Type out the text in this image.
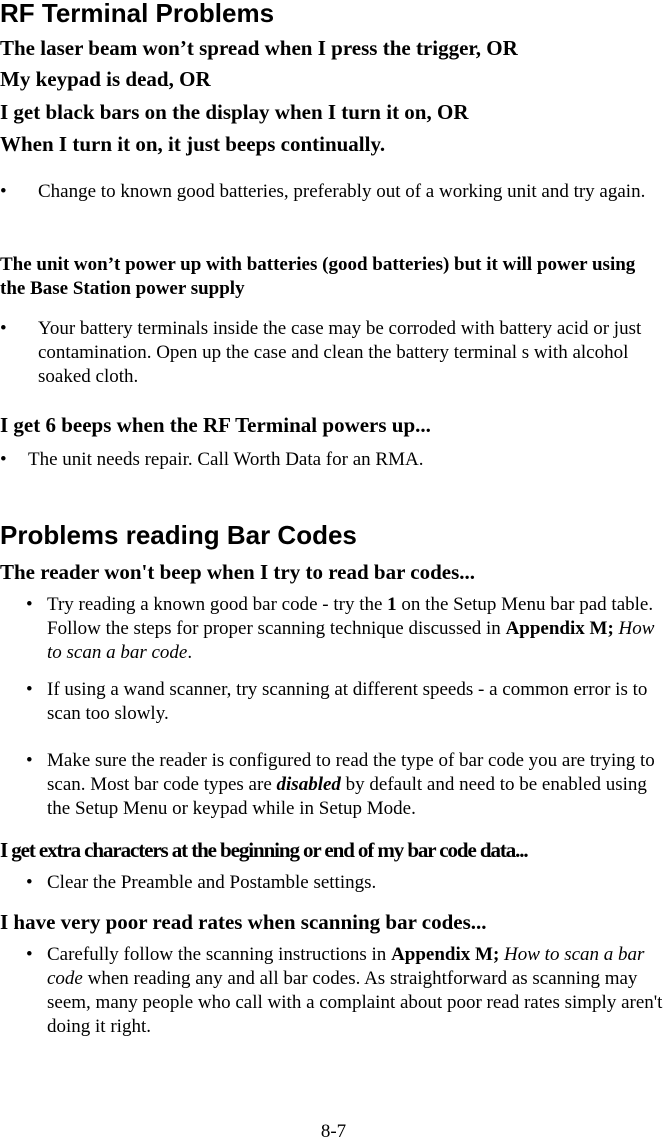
RF Terminal Problems
The laser beam won’t spread when I press the trigger, OR
My keypad is dead, OR
I get black bars on the display when I turn it on, OR
When I turn it on, it just beeps continually.
• Change to known good batteries, preferably out of a working unit and try again.
The unit won’t power up with batteries (good batteries) but it will power using the Base Station power supply
• Your battery terminals inside the case may be corroded with battery acid or just contamination. Open up the case and clean the battery terminal s with alcohol soaked cloth.
I get 6 beeps when the RF Terminal powers up...
• The unit needs repair. Call Worth Data for an RMA.
Problems reading Bar Codes
The reader won't beep when I try to read bar codes...
• Try reading a known good bar code - try the 1 on the Setup Menu bar pad table. Follow the steps for proper scanning technique discussed in Appendix M; How to scan a bar code.
• If using a wand scanner, try scanning at different speeds - a common error is to scan too slowly.
• Make sure the reader is configured to read the type of bar code you are trying to scan. Most bar code types are disabled by default and need to be enabled using the Setup Menu or keypad while in Setup Mode.
I get extra characters at the beginning or end of my bar code data...
• Clear the Preamble and Postamble settings.
I have very poor read rates when scanning bar codes...
• Carefully follow the scanning instructions in Appendix M; How to scan a bar code when reading any and all bar codes. As straightforward as scanning may seem, many people who call with a complaint about poor read rates simply aren't doing it right.
8-7
